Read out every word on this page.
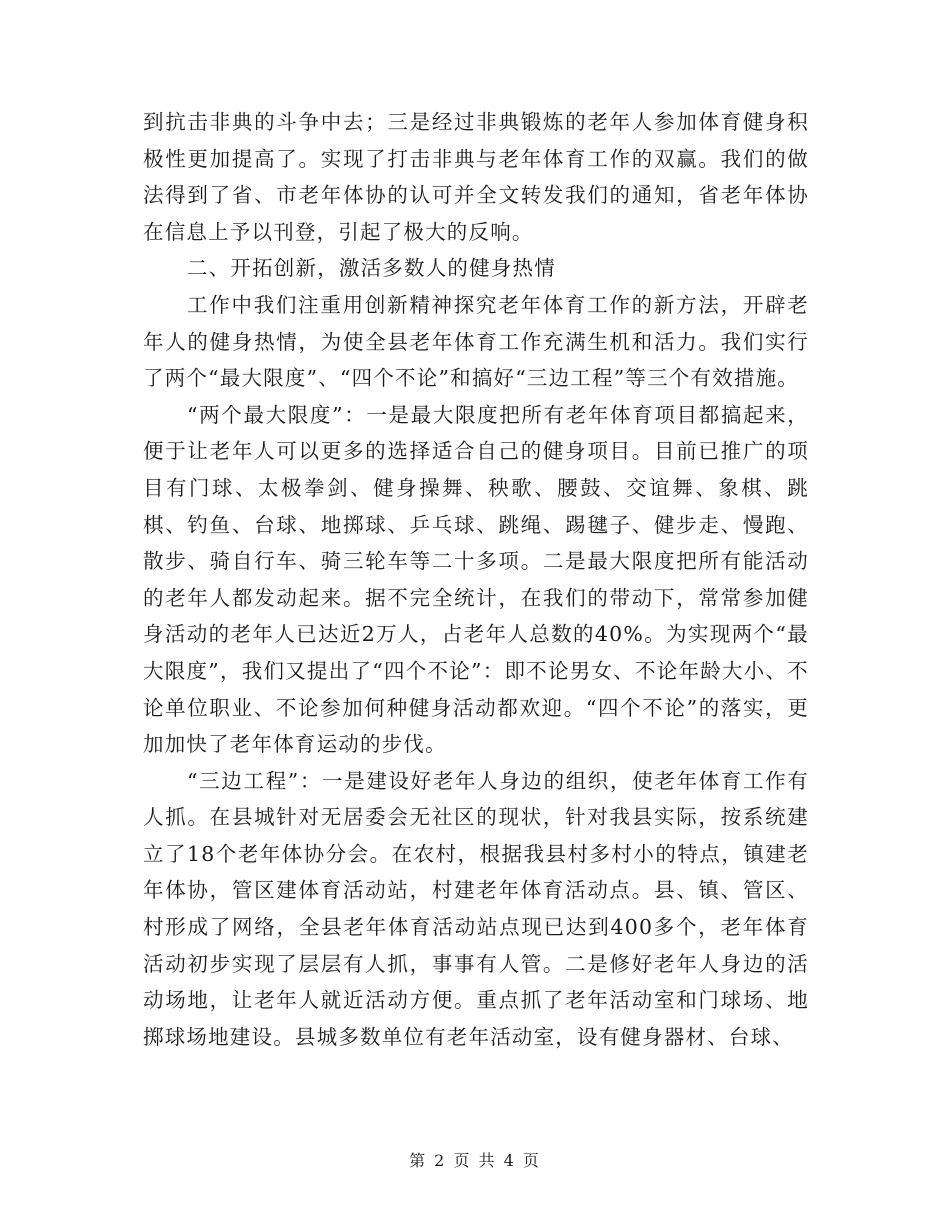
到抗击非典的斗争中去；三是经过非典锻炼的老年人参加体育健身积极性更加提高了。实现了打击非典与老年体育工作的双赢。我们的做法得到了省、市老年体协的认可并全文转发我们的通知，省老年体协在信息上予以刊登，引起了极大的反响。

二、开拓创新，激活多数人的健身热情

工作中我们注重用创新精神探究老年体育工作的新方法，开辟老年人的健身热情，为使全县老年体育工作充满生机和活力。我们实行了两个“最大限度”、“四个不论”和搞好“三边工程”等三个有效措施。

“两个最大限度”：一是最大限度把所有老年体育项目都搞起来，便于让老年人可以更多的选择适合自己的健身项目。目前已推广的项目有门球、太极拳剑、健身操舞、秧歌、腰鼓、交谊舞、象棋、跳棋、钓鱼、台球、地掷球、乒乓球、跳绳、踢毽子、健步走、慢跑、散步、骑自行车、骑三轮车等二十多项。二是最大限度把所有能活动的老年人都发动起来。据不完全统计，在我们的带动下，常常参加健身活动的老年人已达近2万人，占老年人总数的40%。为实现两个“最大限度”，我们又提出了“四个不论”：即不论男女、不论年龄大小、不论单位职业、不论参加何种健身活动都欢迎。“四个不论”的落实，更加加快了老年体育运动的步伐。

“三边工程”：一是建设好老年人身边的组织，使老年体育工作有人抓。在县城针对无居委会无社区的现状，针对我县实际，按系统建立了18个老年体协分会。在农村，根据我县村多村小的特点，镇建老年体协，管区建体育活动站，村建老年体育活动点。县、镇、管区、村形成了网络，全县老年体育活动站点现已达到400多个，老年体育活动初步实现了层层有人抓，事事有人管。二是修好老年人身边的活动场地，让老年人就近活动方便。重点抓了老年活动室和门球场、地掷球场地建设。县城多数单位有老年活动室，设有健身器材、台球、

第 2 页 共 4 页
